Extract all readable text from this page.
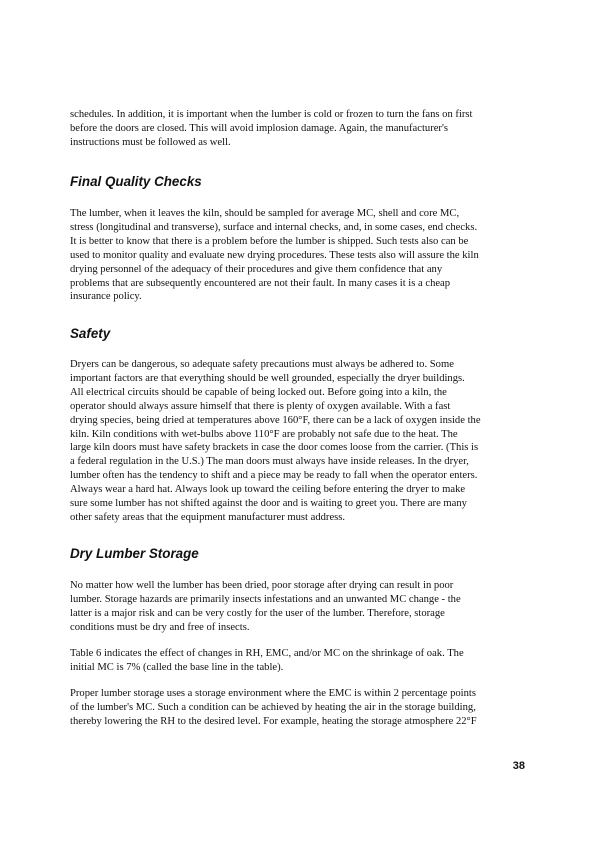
schedules. In addition, it is important when the lumber is cold or frozen to turn the fans on first
before the doors are closed. This will avoid implosion damage. Again, the manufacturer's
instructions must be followed as well.
Final Quality Checks
The lumber, when it leaves the kiln, should be sampled for average MC, shell and core MC,
stress (longitudinal and transverse), surface and internal checks, and, in some cases, end checks.
It is better to know that there is a problem before the lumber is shipped. Such tests also can be
used to monitor quality and evaluate new drying procedures. These tests also will assure the kiln
drying personnel of the adequacy of their procedures and give them confidence that any
problems that are subsequently encountered are not their fault. In many cases it is a cheap
insurance policy.
Safety
Dryers can be dangerous, so adequate safety precautions must always be adhered to. Some
important factors are that everything should be well grounded, especially the dryer buildings.
All electrical circuits should be capable of being locked out. Before going into a kiln, the
operator should always assure himself that there is plenty of oxygen available. With a fast
drying species, being dried at temperatures above 160°F, there can be a lack of oxygen inside the
kiln. Kiln conditions with wet-bulbs above 110°F are probably not safe due to the heat. The
large kiln doors must have safety brackets in case the door comes loose from the carrier. (This is
a federal regulation in the U.S.) The man doors must always have inside releases. In the dryer,
lumber often has the tendency to shift and a piece may be ready to fall when the operator enters.
Always wear a hard hat. Always look up toward the ceiling before entering the dryer to make
sure some lumber has not shifted against the door and is waiting to greet you. There are many
other safety areas that the equipment manufacturer must address.
Dry Lumber Storage
No matter how well the lumber has been dried, poor storage after drying can result in poor
lumber. Storage hazards are primarily insects infestations and an unwanted MC change - the
latter is a major risk and can be very costly for the user of the lumber. Therefore, storage
conditions must be dry and free of insects.
Table 6 indicates the effect of changes in RH, EMC, and/or MC on the shrinkage of oak. The
initial MC is 7% (called the base line in the table).
Proper lumber storage uses a storage environment where the EMC is within 2 percentage points
of the lumber's MC. Such a condition can be achieved by heating the air in the storage building,
thereby lowering the RH to the desired level. For example, heating the storage atmosphere 22°F
38
